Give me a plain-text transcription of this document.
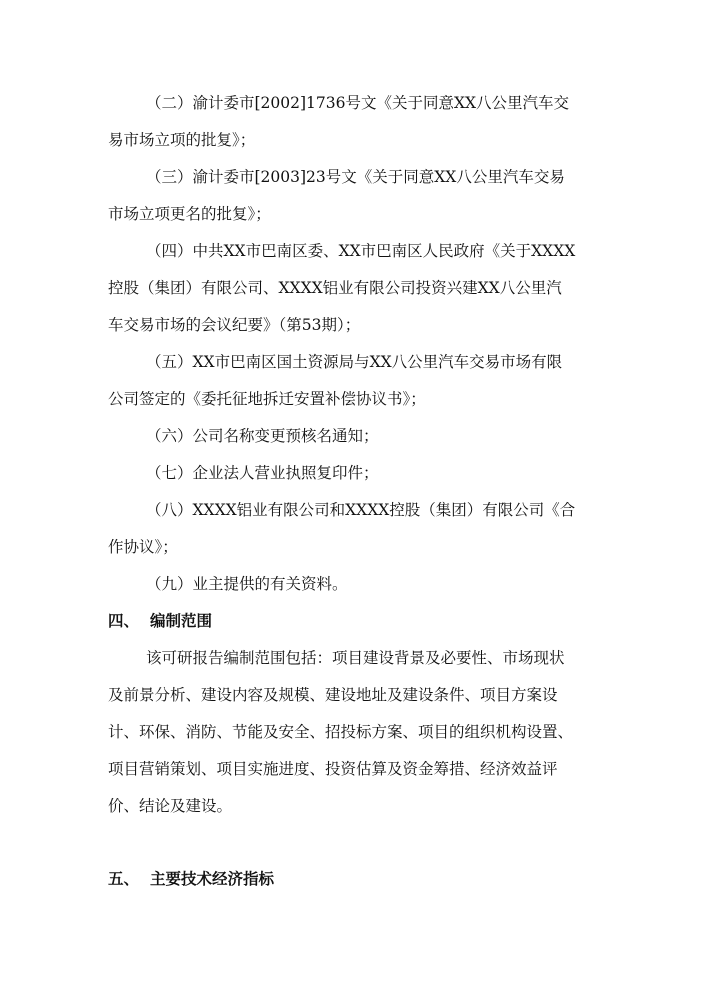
（二）渝计委市[2002]1736号文《关于同意XX八公里汽车交

易市场立项的批复》；

（三）渝计委市[2003]23号文《关于同意XX八公里汽车交易

市场立项更名的批复》；

（四）中共XX市巴南区委、XX市巴南区人民政府《关于XXXX

控股（集团）有限公司、XXXX铝业有限公司投资兴建XX八公里汽

车交易市场的会议纪要》（第53期）；

（五）XX市巴南区国土资源局与XX八公里汽车交易市场有限

公司签定的《委托征地拆迁安置补偿协议书》；

（六）公司名称变更预核名通知；

（七）企业法人营业执照复印件；

（八）XXXX铝业有限公司和XXXX控股（集团）有限公司《合

作协议》；

（九）业主提供的有关资料。

四、 编制范围

该可研报告编制范围包括：项目建设背景及必要性、市场现状

及前景分析、建设内容及规模、建设地址及建设条件、项目方案设

计、环保、消防、节能及安全、招投标方案、项目的组织机构设置、

项目营销策划、项目实施进度、投资估算及资金筹措、经济效益评

价、结论及建设。

五、 主要技术经济指标
